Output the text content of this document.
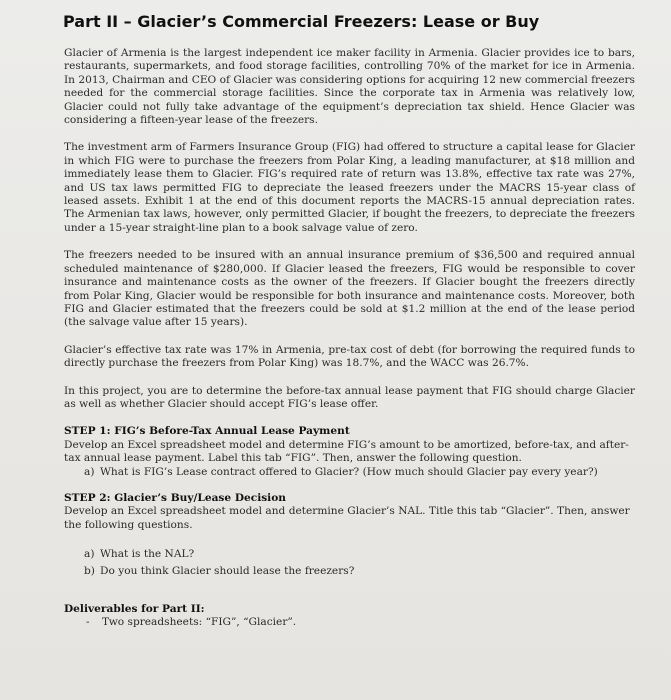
Part II – Glacier’s Commercial Freezers: Lease or Buy

Glacier of Armenia is the largest independent ice maker facility in Armenia. Glacier provides ice to bars, restaurants, supermarkets, and food storage facilities, controlling 70% of the market for ice in Armenia. In 2013, Chairman and CEO of Glacier was considering options for acquiring 12 new commercial freezers needed for the commercial storage facilities. Since the corporate tax in Armenia was relatively low, Glacier could not fully take advantage of the equipment’s depreciation tax shield. Hence Glacier was considering a fifteen-year lease of the freezers.

The investment arm of Farmers Insurance Group (FIG) had offered to structure a capital lease for Glacier in which FIG were to purchase the freezers from Polar King, a leading manufacturer, at $18 million and immediately lease them to Glacier. FIG’s required rate of return was 13.8%, effective tax rate was 27%, and US tax laws permitted FIG to depreciate the leased freezers under the MACRS 15-year class of leased assets. Exhibit 1 at the end of this document reports the MACRS-15 annual depreciation rates. The Armenian tax laws, however, only permitted Glacier, if bought the freezers, to depreciate the freezers under a 15-year straight-line plan to a book salvage value of zero.

The freezers needed to be insured with an annual insurance premium of $36,500 and required annual scheduled maintenance of $280,000. If Glacier leased the freezers, FIG would be responsible to cover insurance and maintenance costs as the owner of the freezers. If Glacier bought the freezers directly from Polar King, Glacier would be responsible for both insurance and maintenance costs. Moreover, both FIG and Glacier estimated that the freezers could be sold at $1.2 million at the end of the lease period (the salvage value after 15 years).

Glacier’s effective tax rate was 17% in Armenia, pre-tax cost of debt (for borrowing the required funds to directly purchase the freezers from Polar King) was 18.7%, and the WACC was 26.7%.

In this project, you are to determine the before-tax annual lease payment that FIG should charge Glacier as well as whether Glacier should accept FIG’s lease offer.

STEP 1: FIG’s Before-Tax Annual Lease Payment
Develop an Excel spreadsheet model and determine FIG’s amount to be amortized, before-tax, and after-tax annual lease payment. Label this tab “FIG”. Then, answer the following question.
a) What is FIG’s Lease contract offered to Glacier? (How much should Glacier pay every year?)
STEP 2: Glacier’s Buy/Lease Decision
Develop an Excel spreadsheet model and determine Glacier’s NAL. Title this tab “Glacier”. Then, answer the following questions.
a) What is the NAL?
b) Do you think Glacier should lease the freezers?
Deliverables for Part II:
-	Two spreadsheets: “FIG”, “Glacier”.
